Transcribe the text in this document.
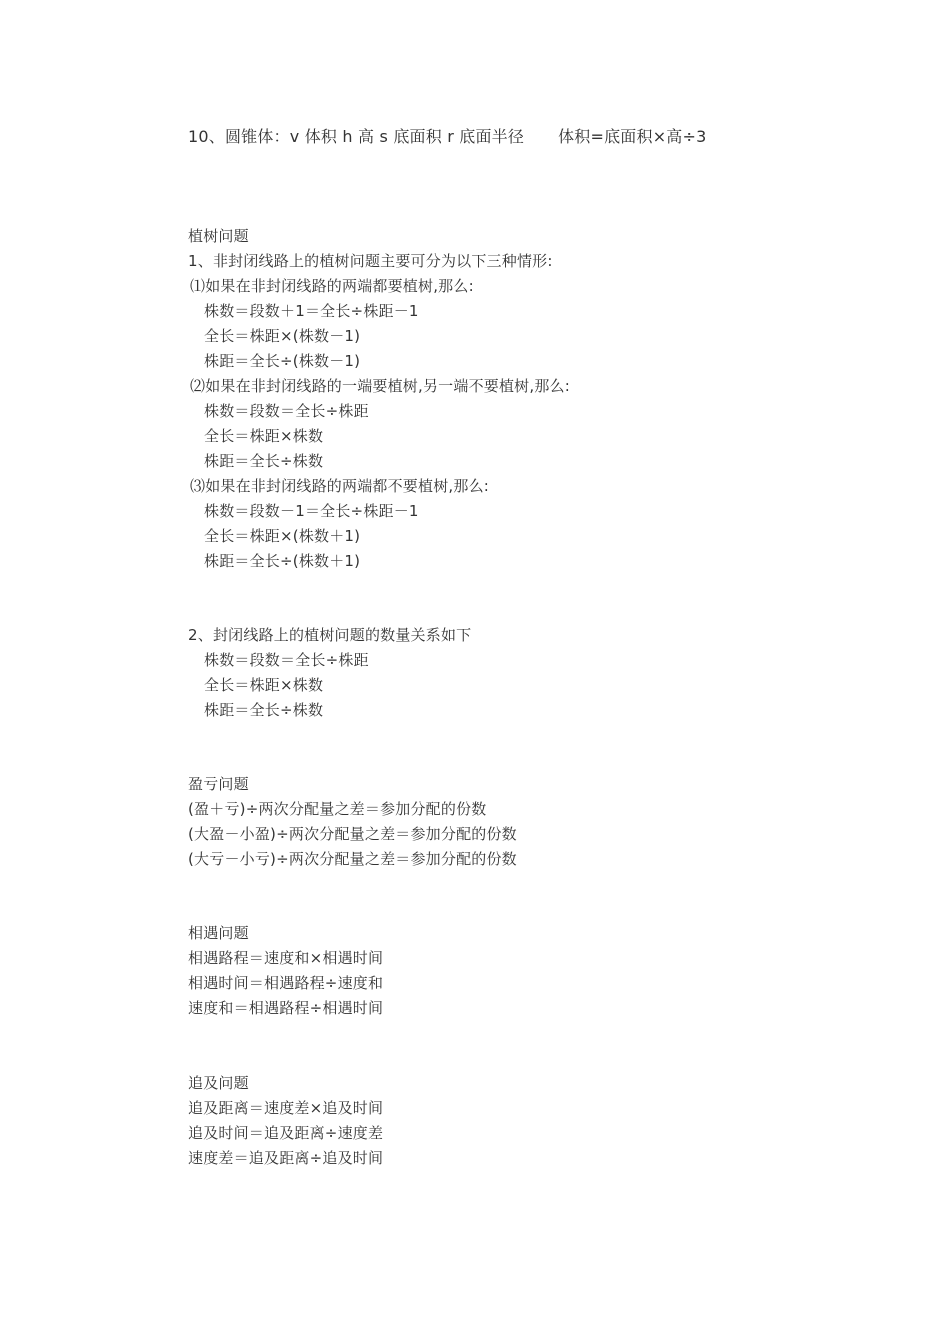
10、圆锥体：v 体积 h 高 s 底面积 r 底面半径 体积=底面积×高÷3
植树问题
1、非封闭线路上的植树问题主要可分为以下三种情形:
⑴如果在非封闭线路的两端都要植树,那么:
株数＝段数＋1＝全长÷株距－1
全长＝株距×(株数－1)
株距＝全长÷(株数－1)
⑵如果在非封闭线路的一端要植树,另一端不要植树,那么:
株数＝段数＝全长÷株距
全长＝株距×株数
株距＝全长÷株数
⑶如果在非封闭线路的两端都不要植树,那么:
株数＝段数－1＝全长÷株距－1
全长＝株距×(株数＋1)
株距＝全长÷(株数＋1)
2、封闭线路上的植树问题的数量关系如下
株数＝段数＝全长÷株距
全长＝株距×株数
株距＝全长÷株数
盈亏问题
(盈＋亏)÷两次分配量之差＝参加分配的份数
(大盈－小盈)÷两次分配量之差＝参加分配的份数
(大亏－小亏)÷两次分配量之差＝参加分配的份数
相遇问题
相遇路程＝速度和×相遇时间
相遇时间＝相遇路程÷速度和
速度和＝相遇路程÷相遇时间
追及问题
追及距离＝速度差×追及时间
追及时间＝追及距离÷速度差
速度差＝追及距离÷追及时间
